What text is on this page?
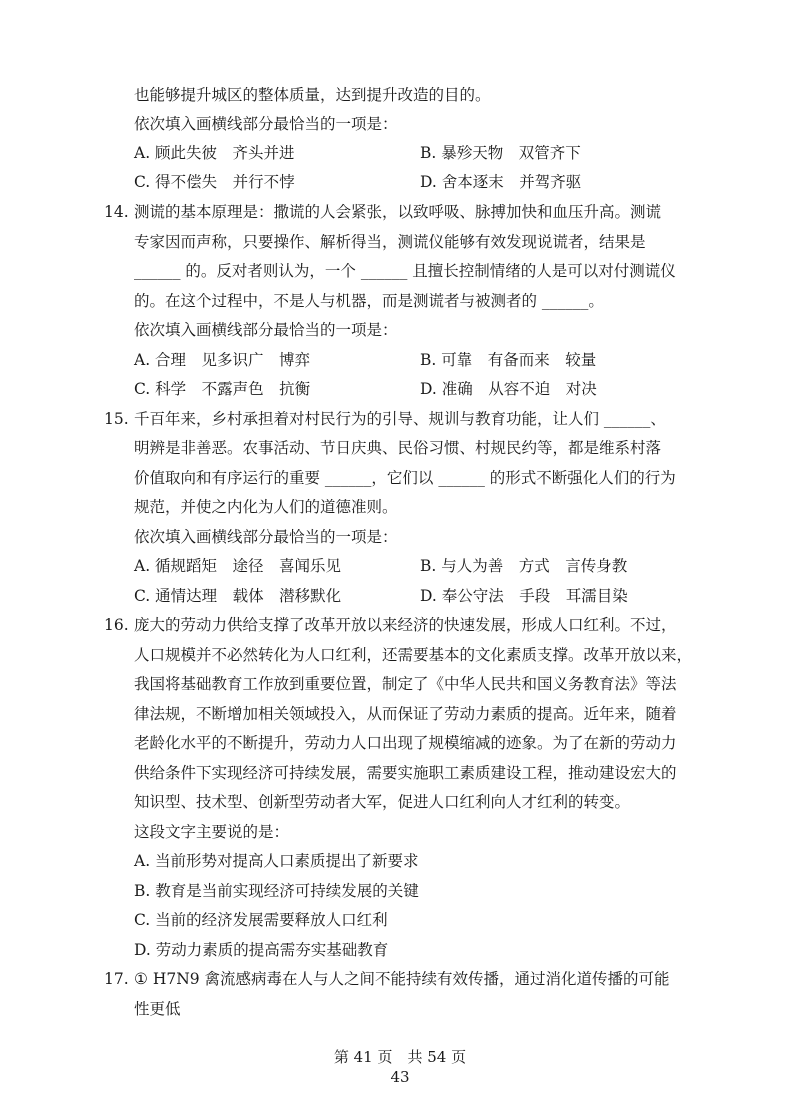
也能够提升城区的整体质量，达到提升改造的目的。
依次填入画横线部分最恰当的一项是：
A. 顾此失彼　齐头并进	B. 暴殄天物　双管齐下
C. 得不偿失　并行不悖	D. 舍本逐末　并驾齐驱
14. 测谎的基本原理是：撒谎的人会紧张，以致呼吸、脉搏加快和血压升高。测谎
专家因而声称，只要操作、解析得当，测谎仪能够有效发现说谎者，结果是
______ 的。反对者则认为，一个 ______ 且擅长控制情绪的人是可以对付测谎仪
的。在这个过程中，不是人与机器，而是测谎者与被测者的 ______。
依次填入画横线部分最恰当的一项是：
A. 合理　见多识广　博弈	B. 可靠　有备而来　较量
C. 科学　不露声色　抗衡	D. 准确　从容不迫　对决
15. 千百年来，乡村承担着对村民行为的引导、规训与教育功能，让人们 ______、
明辨是非善恶。农事活动、节日庆典、民俗习惯、村规民约等，都是维系村落
价值取向和有序运行的重要 ______，它们以 ______ 的形式不断强化人们的行为
规范，并使之内化为人们的道德准则。
依次填入画横线部分最恰当的一项是：
A. 循规蹈矩　途径　喜闻乐见	B. 与人为善　方式　言传身教
C. 通情达理　载体　潜移默化	D. 奉公守法　手段　耳濡目染
16. 庞大的劳动力供给支撑了改革开放以来经济的快速发展，形成人口红利。不过，
人口规模并不必然转化为人口红利，还需要基本的文化素质支撑。改革开放以来，
我国将基础教育工作放到重要位置，制定了《中华人民共和国义务教育法》等法
律法规，不断增加相关领域投入，从而保证了劳动力素质的提高。近年来，随着
老龄化水平的不断提升，劳动力人口出现了规模缩减的迹象。为了在新的劳动力
供给条件下实现经济可持续发展，需要实施职工素质建设工程，推动建设宏大的
知识型、技术型、创新型劳动者大军，促进人口红利向人才红利的转变。
这段文字主要说的是：
A. 当前形势对提高人口素质提出了新要求
B. 教育是当前实现经济可持续发展的关键
C. 当前的经济发展需要释放人口红利
D. 劳动力素质的提高需夯实基础教育
17. ① H7N9 禽流感病毒在人与人之间不能持续有效传播，通过消化道传播的可能
性更低
第 41 页　共 54 页
43
